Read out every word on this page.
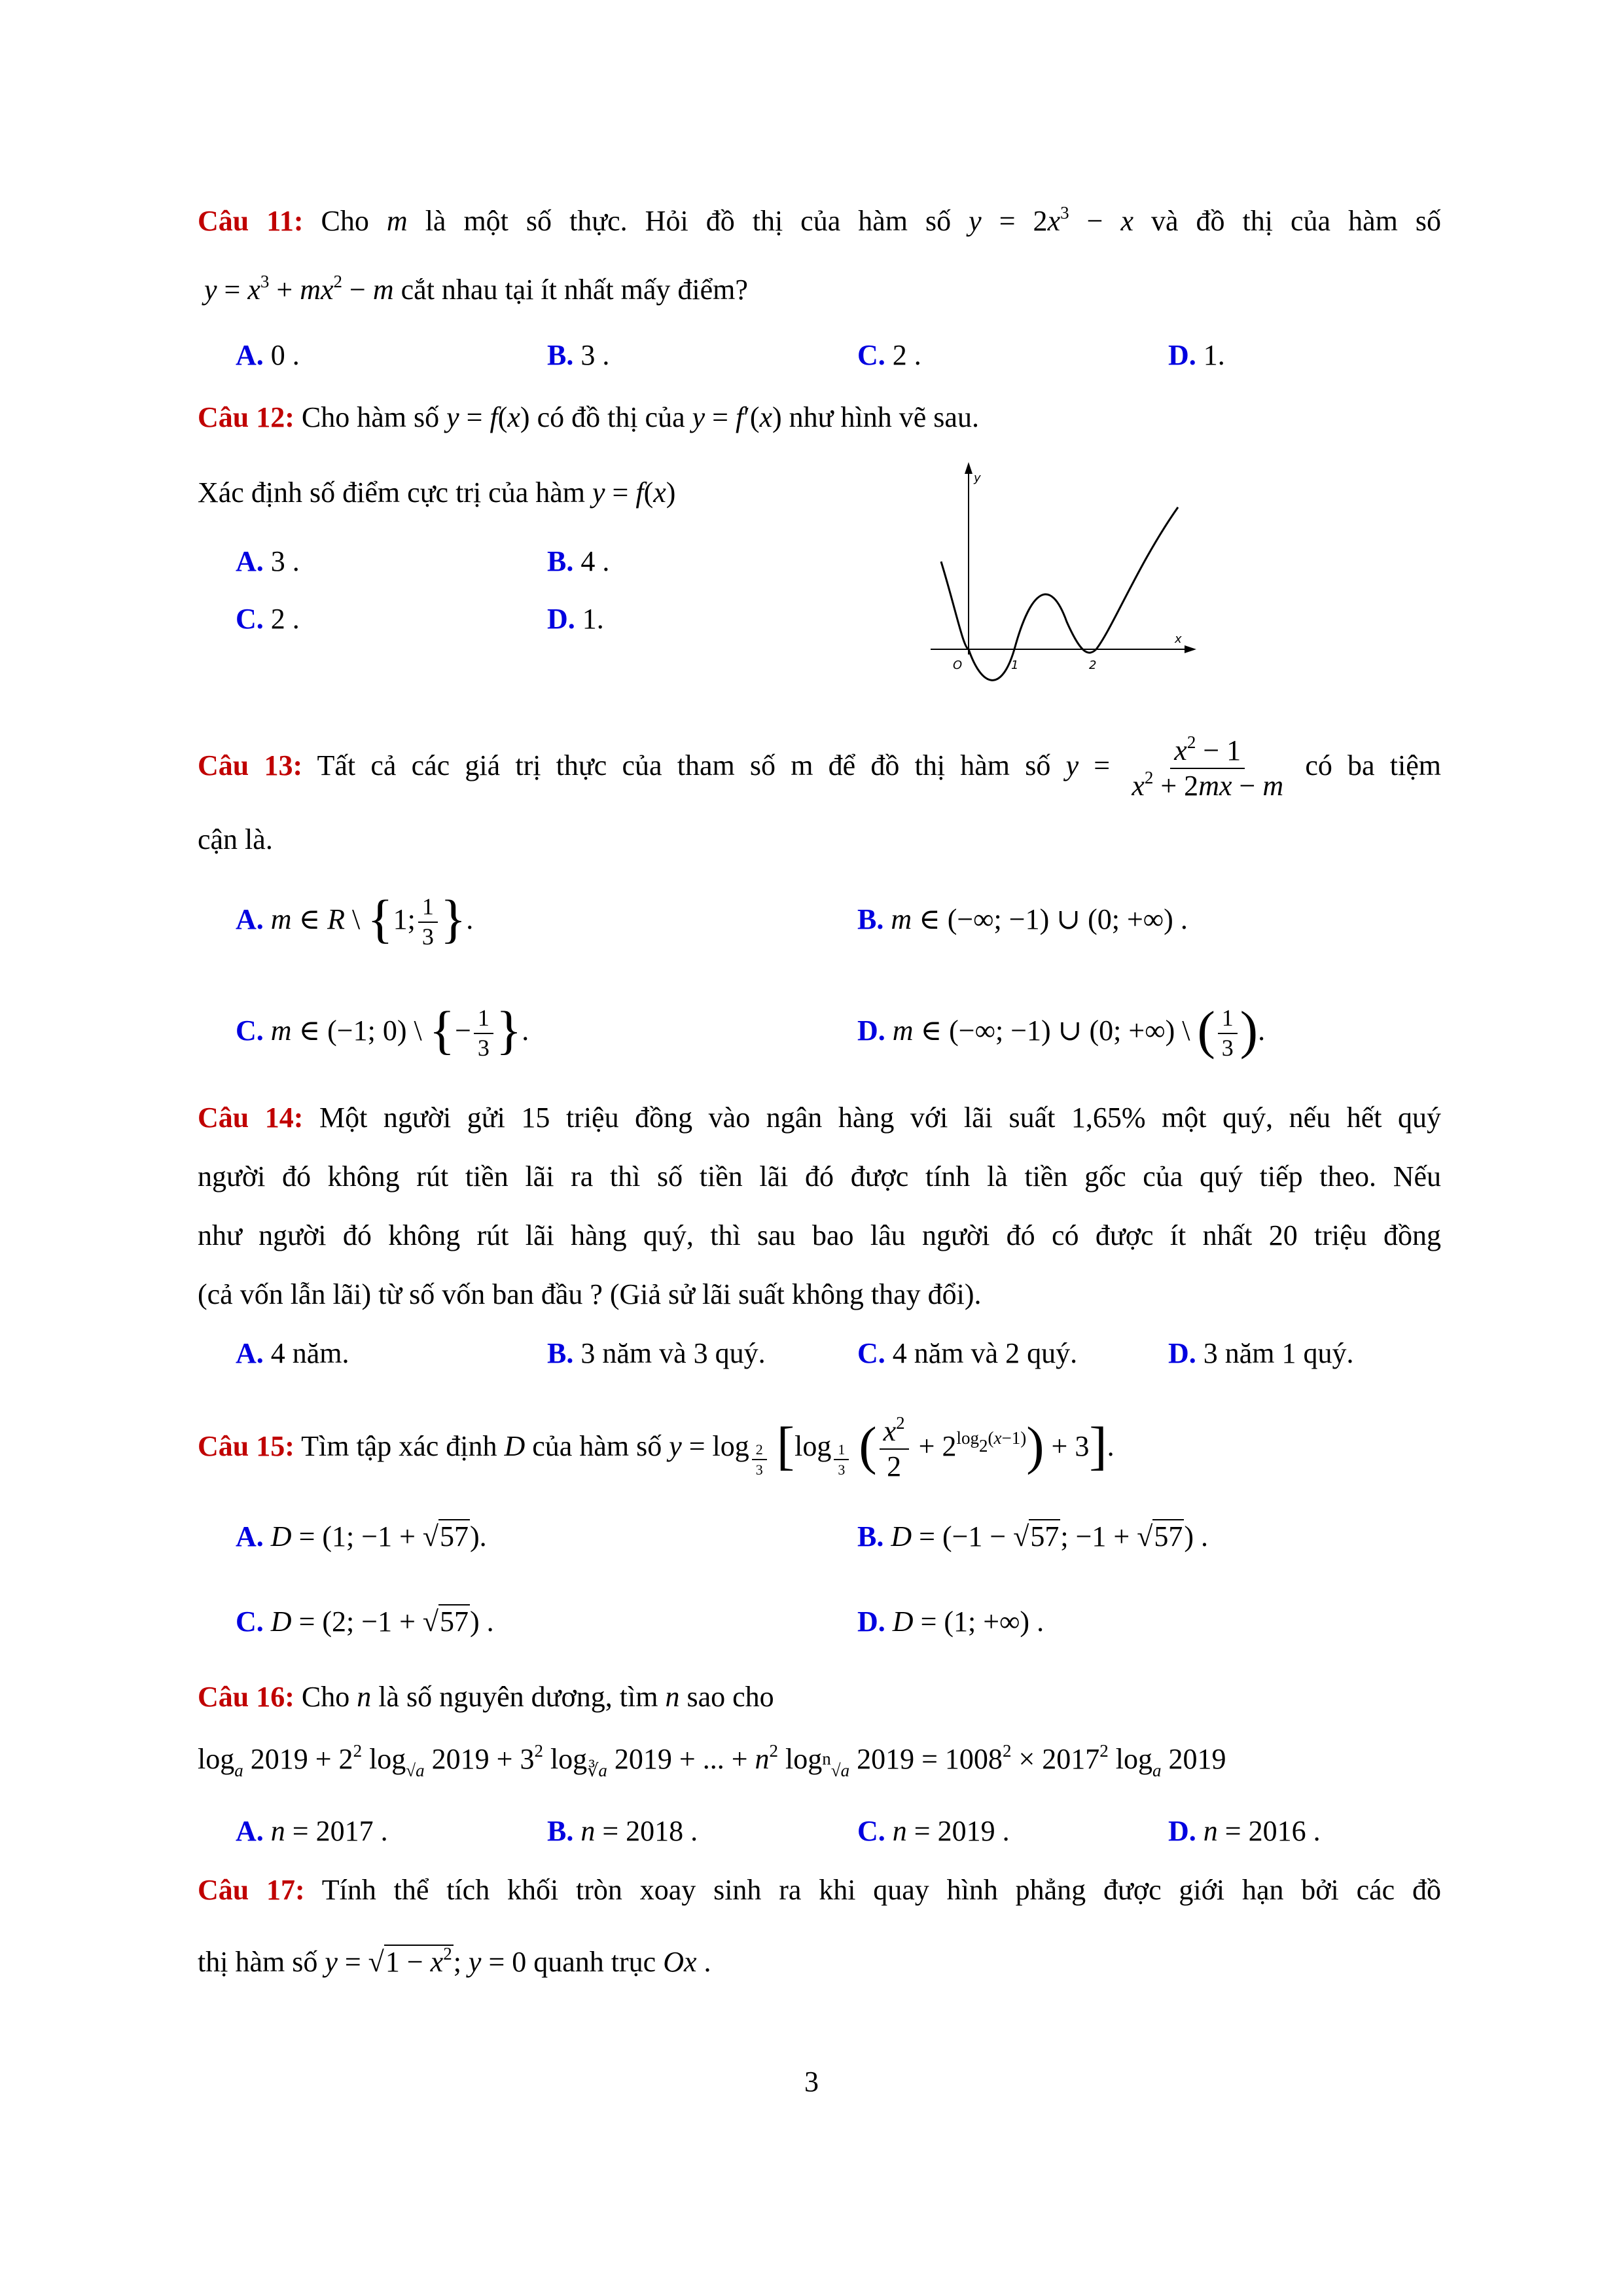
Câu 11: Cho m là một số thực. Hỏi đồ thị của hàm số $y = 2x^3 - x$ và đồ thị của hàm số
$y = x^3 + mx^2 - m$ cắt nhau tại ít nhất mấy điểm?
A. 0 .	B. 3 .	C. 2 .	D. 1.
Câu 12: Cho hàm số y = f(x) có đồ thị của y = f′(x) như hình vẽ sau.
Xác định số điểm cực trị của hàm y = f(x)
A. 3 .	B. 4 .
C. 2 .	D. 1.
y
x
O	1	2
Câu 13: Tất cả các giá trị thực của tham số m để đồ thị hàm số $y = \frac{x^2 - 1}{x^2 + 2mx - m}$ có ba tiệm
cận là.
A. m ∈ R \ {1; $\frac{1}{3}$ }.	B. m ∈ (−∞; −1) ∪ (0; +∞) .
C. m ∈ (−1; 0) \ {− $\frac{1}{3}$ }.	D. m ∈ (−∞; −1) ∪ (0; +∞) \ ( $\frac{1}{3}$ ).
Câu 14: Một người gửi 15 triệu đồng vào ngân hàng với lãi suất 1,65% một quý, nếu hết quý
người đó không rút tiền lãi ra thì số tiền lãi đó được tính là tiền gốc của quý tiếp theo. Nếu
như người đó không rút lãi hàng quý, thì sau bao lâu người đó có được ít nhất 20 triệu đồng
(cả vốn lẫn lãi) từ số vốn ban đầu ? (Giả sử lãi suất không thay đổi).
A. 4 năm.	B. 3 năm và 3 quý.	C. 4 năm và 2 quý.	D. 3 năm 1 quý.
Câu 15: Tìm tập xác định D của hàm số y = log $_{\frac{2}{3}}$ [log $_{\frac{1}{3}}$ ( $\frac{x^2}{2} + 2^{log_2(x-1)}) + 3$].
A. D = (1; −1 + √57).	B. D = (−1 − √57; −1 + √57) .
C. D = (2; −1 + √57) .	D. D = (1; +∞) .
Câu 16: Cho n là số nguyên dương, tìm n sao cho
$\log_a 2019 + 2^2$ $\log_{√a} 2019 + 3^2$ $\log_{∛a} 2019$ + ... + $n^2$ $\log_{^n√a} 2019 = 1008^2 \times 2017^2$ $\log_a 2019$
A. n = 2017 .	B. n = 2018 .	C. n = 2019 .	D. n = 2016 .
Câu 17: Tính thể tích khối tròn xoay sinh ra khi quay hình phẳng được giới hạn bởi các đồ
thị hàm số $y = √1 - x^2$; y = 0 quanh trục Ox .
3
